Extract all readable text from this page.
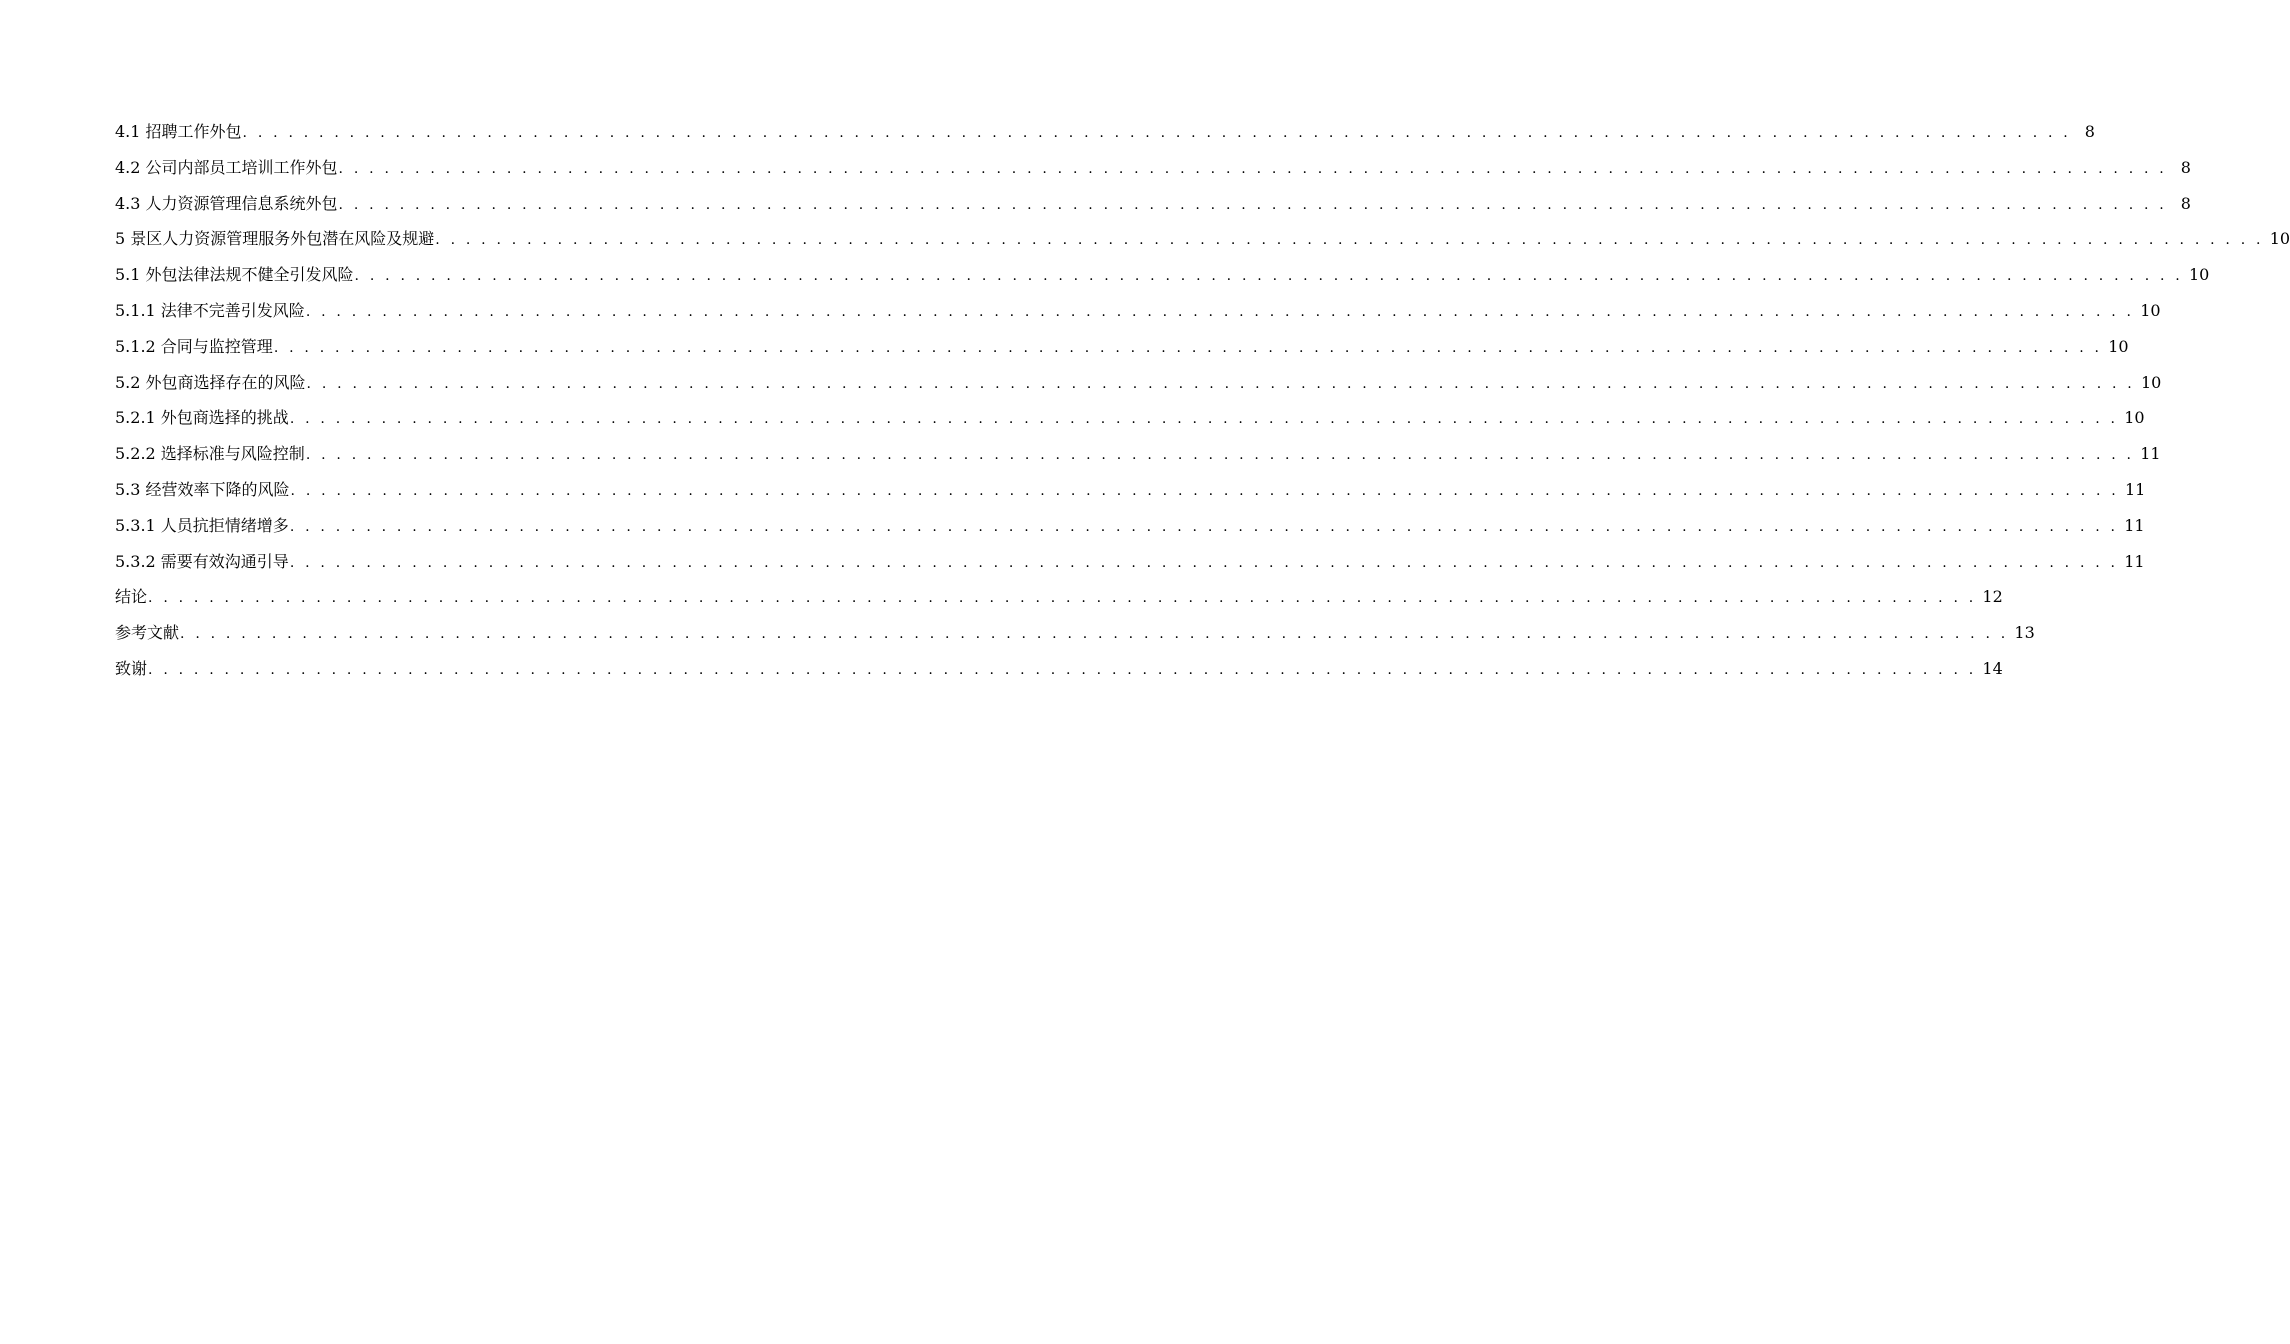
4.1 招聘工作外包 . . . . . . . . . . . . . . . . . . . . . . . . . . . . . . . . . . . . . . . . . . . . . . . . . . . . . . . . . . . . . . . . . . . . . . . . . . . . . . . . . . . . . . . . . . . . . . . . . . . . . . . . . . . . . . . . . . . . . . . . 8
4.2 公司内部员工培训工作外包 . . . . . . . . . . . . . . . . . . . . . . . . . . . . . . . . . . . . . . . . . . . . . . . . . . . . . . . . . . . . . . . . . . . . . . . . . . . . . . . . . . . . . . . . . . . . . . . . . . . . . . . . . . . . . . . . . . . . . . . . 8
4.3 人力资源管理信息系统外包 . . . . . . . . . . . . . . . . . . . . . . . . . . . . . . . . . . . . . . . . . . . . . . . . . . . . . . . . . . . . . . . . . . . . . . . . . . . . . . . . . . . . . . . . . . . . . . . . . . . . . . . . . . . . . . . . . . . . . . . . 8
5 景区人力资源管理服务外包潜在风险及规避 . . . . . . . . . . . . . . . . . . . . . . . . . . . . . . . . . . . . . . . . . . . . . . . . . . . . . . . . . . . . . . . . . . . . . . . . . . . . . . . . . . . . . . . . . . . . . . . . . . . . . . . . . . . . . . . . . . . . . . . . 10
5.1 外包法律法规不健全引发风险 . . . . . . . . . . . . . . . . . . . . . . . . . . . . . . . . . . . . . . . . . . . . . . . . . . . . . . . . . . . . . . . . . . . . . . . . . . . . . . . . . . . . . . . . . . . . . . . . . . . . . . . . . . . . . . . . . . . . . . . . 10
5.1.1 法律不完善引发风险 . . . . . . . . . . . . . . . . . . . . . . . . . . . . . . . . . . . . . . . . . . . . . . . . . . . . . . . . . . . . . . . . . . . . . . . . . . . . . . . . . . . . . . . . . . . . . . . . . . . . . . . . . . . . . . . . . . . . . . . . 10
5.1.2 合同与监控管理 . . . . . . . . . . . . . . . . . . . . . . . . . . . . . . . . . . . . . . . . . . . . . . . . . . . . . . . . . . . . . . . . . . . . . . . . . . . . . . . . . . . . . . . . . . . . . . . . . . . . . . . . . . . . . . . . . . . . . . . . 10
5.2 外包商选择存在的风险 . . . . . . . . . . . . . . . . . . . . . . . . . . . . . . . . . . . . . . . . . . . . . . . . . . . . . . . . . . . . . . . . . . . . . . . . . . . . . . . . . . . . . . . . . . . . . . . . . . . . . . . . . . . . . . . . . . . . . . . . 10
5.2.1 外包商选择的挑战 . . . . . . . . . . . . . . . . . . . . . . . . . . . . . . . . . . . . . . . . . . . . . . . . . . . . . . . . . . . . . . . . . . . . . . . . . . . . . . . . . . . . . . . . . . . . . . . . . . . . . . . . . . . . . . . . . . . . . . . . 10
5.2.2 选择标准与风险控制 . . . . . . . . . . . . . . . . . . . . . . . . . . . . . . . . . . . . . . . . . . . . . . . . . . . . . . . . . . . . . . . . . . . . . . . . . . . . . . . . . . . . . . . . . . . . . . . . . . . . . . . . . . . . . . . . . . . . . . . . 11
5.3 经营效率下降的风险 . . . . . . . . . . . . . . . . . . . . . . . . . . . . . . . . . . . . . . . . . . . . . . . . . . . . . . . . . . . . . . . . . . . . . . . . . . . . . . . . . . . . . . . . . . . . . . . . . . . . . . . . . . . . . . . . . . . . . . . . 11
5.3.1 人员抗拒情绪增多 . . . . . . . . . . . . . . . . . . . . . . . . . . . . . . . . . . . . . . . . . . . . . . . . . . . . . . . . . . . . . . . . . . . . . . . . . . . . . . . . . . . . . . . . . . . . . . . . . . . . . . . . . . . . . . . . . . . . . . . . 11
5.3.2 需要有效沟通引导 . . . . . . . . . . . . . . . . . . . . . . . . . . . . . . . . . . . . . . . . . . . . . . . . . . . . . . . . . . . . . . . . . . . . . . . . . . . . . . . . . . . . . . . . . . . . . . . . . . . . . . . . . . . . . . . . . . . . . . . . 11
结论 . . . . . . . . . . . . . . . . . . . . . . . . . . . . . . . . . . . . . . . . . . . . . . . . . . . . . . . . . . . . . . . . . . . . . . . . . . . . . . . . . . . . . . . . . . . . . . . . . . . . . . . . . . . . . . . . . . . . . . . . 12
参考文献 . . . . . . . . . . . . . . . . . . . . . . . . . . . . . . . . . . . . . . . . . . . . . . . . . . . . . . . . . . . . . . . . . . . . . . . . . . . . . . . . . . . . . . . . . . . . . . . . . . . . . . . . . . . . . . . . . . . . . . . . 13
致谢 . . . . . . . . . . . . . . . . . . . . . . . . . . . . . . . . . . . . . . . . . . . . . . . . . . . . . . . . . . . . . . . . . . . . . . . . . . . . . . . . . . . . . . . . . . . . . . . . . . . . . . . . . . . . . . . . . . . . . . . . 14
